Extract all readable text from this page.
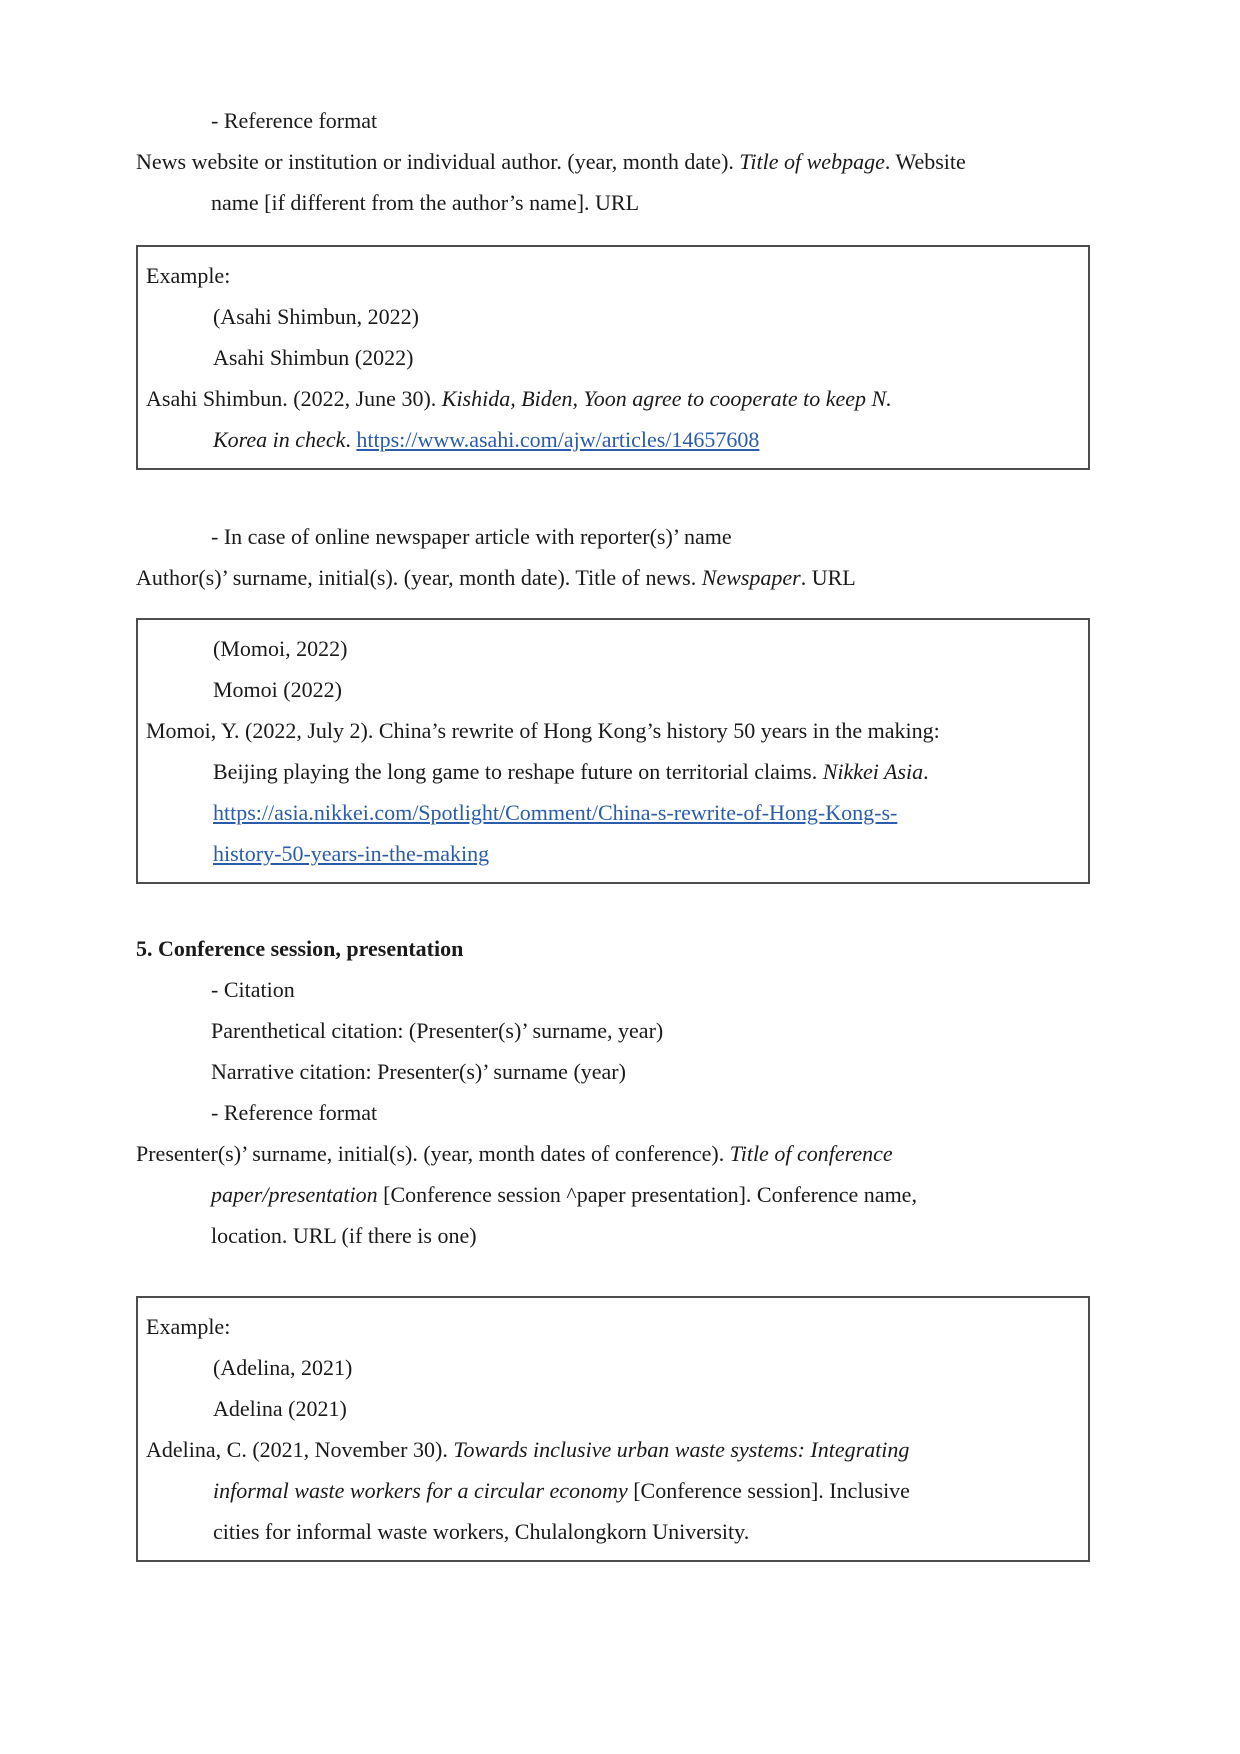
- Reference format

News website or institution or individual author. (year, month date). Title of webpage. Website

name [if different from the author’s name]. URL

Example:

(Asahi Shimbun, 2022)

Asahi Shimbun (2022)

Asahi Shimbun. (2022, June 30). Kishida, Biden, Yoon agree to cooperate to keep N.

Korea in check. https://www.asahi.com/ajw/articles/14657608

- In case of online newspaper article with reporter(s)’ name

Author(s)’ surname, initial(s). (year, month date). Title of news. Newspaper. URL

(Momoi, 2022)

Momoi (2022)

Momoi, Y. (2022, July 2). China’s rewrite of Hong Kong’s history 50 years in the making:

Beijing playing the long game to reshape future on territorial claims. Nikkei Asia.

https://asia.nikkei.com/Spotlight/Comment/China-s-rewrite-of-Hong-Kong-s-

history-50-years-in-the-making

5. Conference session, presentation

- Citation

Parenthetical citation: (Presenter(s)’ surname, year)

Narrative citation: Presenter(s)’ surname (year)

- Reference format

Presenter(s)’ surname, initial(s). (year, month dates of conference). Title of conference

paper/presentation [Conference session ^paper presentation]. Conference name,

location. URL (if there is one)

Example:

(Adelina, 2021)

Adelina (2021)

Adelina, C. (2021, November 30). Towards inclusive urban waste systems: Integrating

informal waste workers for a circular economy [Conference session]. Inclusive

cities for informal waste workers, Chulalongkorn University.
